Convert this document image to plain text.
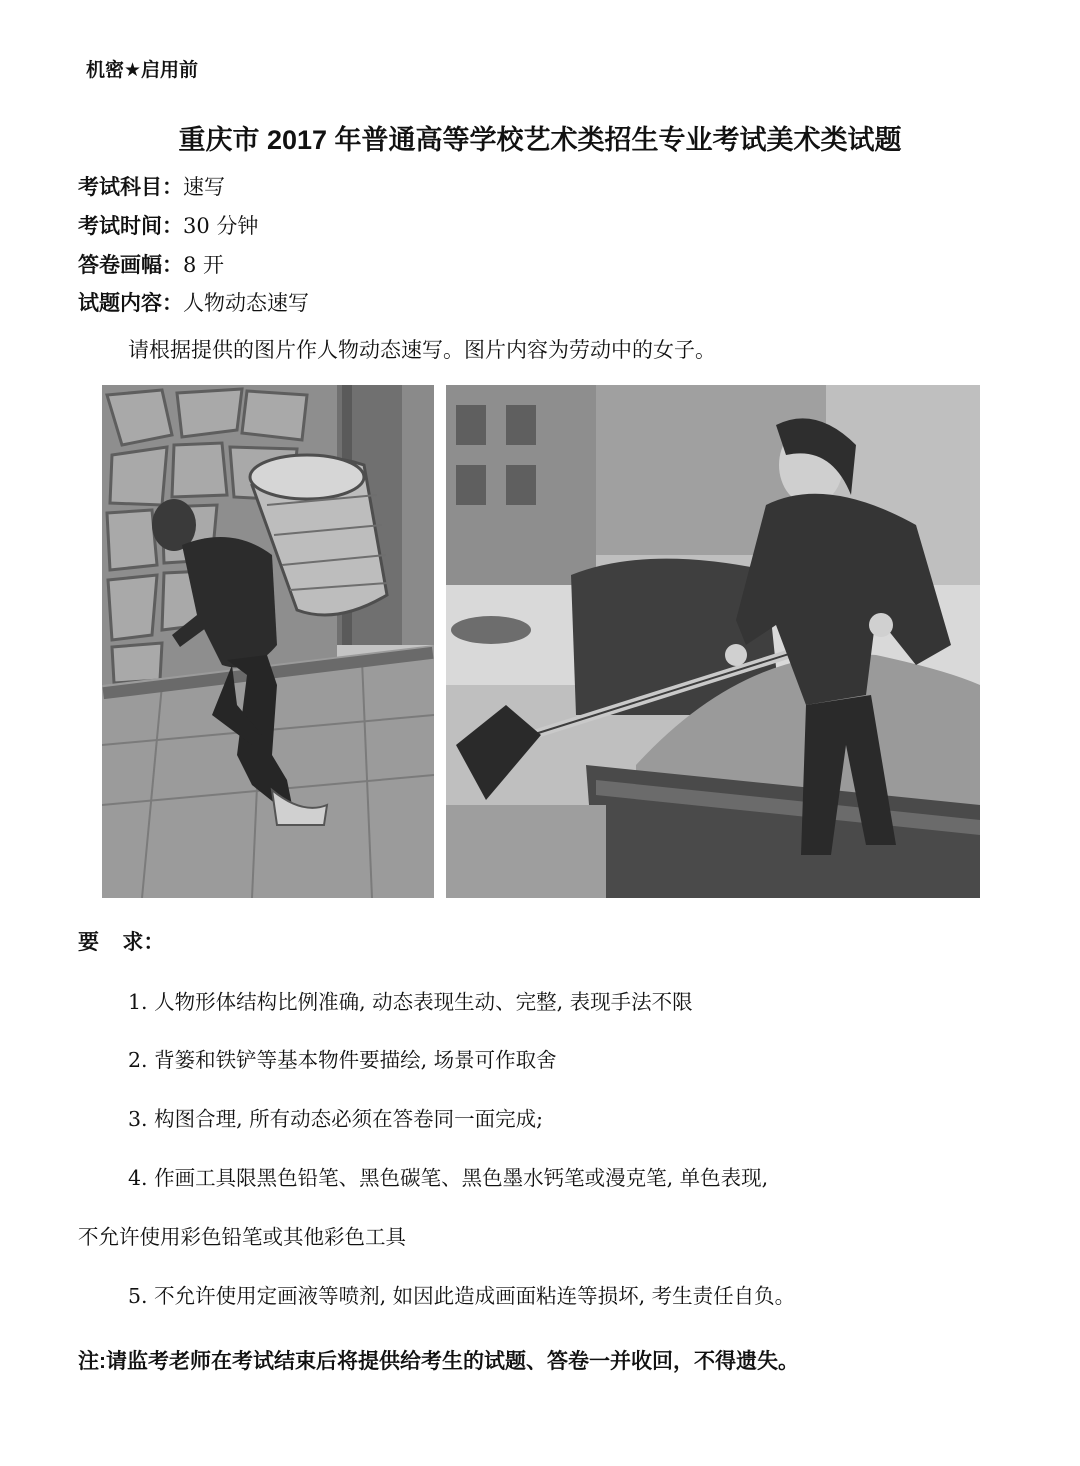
机密★启用前
重庆市 2017 年普通高等学校艺术类招生专业考试美术类试题
考试科目：速写
考试时间：30 分钟
答卷画幅：8 开
试题内容：人物动态速写
请根据提供的图片作人物动态速写。图片内容为劳动中的女子。
要    求：
1. 人物形体结构比例准确, 动态表现生动、完整, 表现手法不限
2. 背篓和铁铲等基本物件要描绘, 场景可作取舍
3. 构图合理, 所有动态必须在答卷同一面完成;
4. 作画工具限黑色铅笔、黑色碳笔、黑色墨水钙笔或漫克笔, 单色表现,
不允许使用彩色铅笔或其他彩色工具
5. 不允许使用定画液等喷剂, 如因此造成画面粘连等损坏, 考生责任自负。
注:请监考老师在考试结束后将提供给考生的试题、答卷一并收回，不得遗失。
